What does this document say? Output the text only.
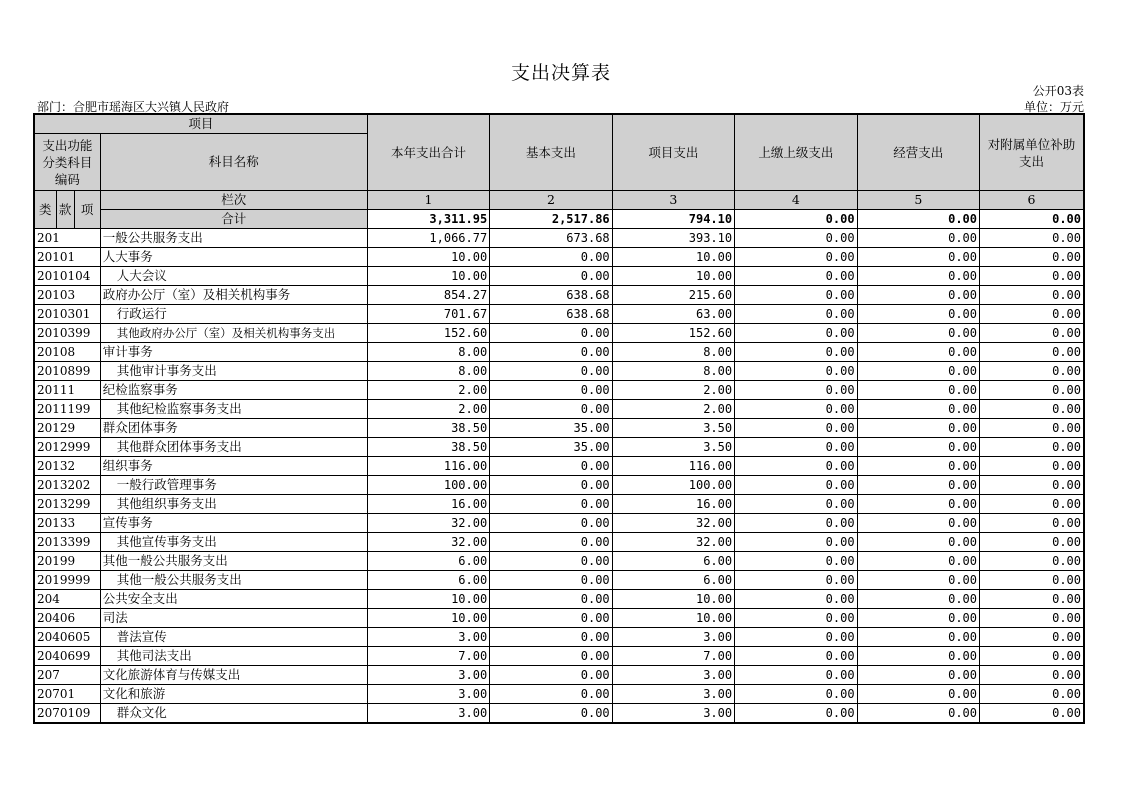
支出决算表
公开03表
部门：合肥市瑶海区大兴镇人民政府	单位：万元
项目				本年支出合计	基本支出	项目支出	上缴上级支出	经营支出	对附属单位补助支出
支出功能分类科目编码			科目名称						
类	款	项	栏次	1	2	3	4	5	6
			合计	3,311.95	2,517.86	794.10	0.00	0.00	0.00
201			一般公共服务支出	1,066.77	673.68	393.10	0.00	0.00	0.00
20101			人大事务	10.00	0.00	10.00	0.00	0.00	0.00
2010104			人大会议	10.00	0.00	10.00	0.00	0.00	0.00
20103			政府办公厅（室）及相关机构事务	854.27	638.68	215.60	0.00	0.00	0.00
2010301			行政运行	701.67	638.68	63.00	0.00	0.00	0.00
2010399			其他政府办公厅（室）及相关机构事务支出	152.60	0.00	152.60	0.00	0.00	0.00
20108			审计事务	8.00	0.00	8.00	0.00	0.00	0.00
2010899			其他审计事务支出	8.00	0.00	8.00	0.00	0.00	0.00
20111			纪检监察事务	2.00	0.00	2.00	0.00	0.00	0.00
2011199			其他纪检监察事务支出	2.00	0.00	2.00	0.00	0.00	0.00
20129			群众团体事务	38.50	35.00	3.50	0.00	0.00	0.00
2012999			其他群众团体事务支出	38.50	35.00	3.50	0.00	0.00	0.00
20132			组织事务	116.00	0.00	116.00	0.00	0.00	0.00
2013202			一般行政管理事务	100.00	0.00	100.00	0.00	0.00	0.00
2013299			其他组织事务支出	16.00	0.00	16.00	0.00	0.00	0.00
20133			宣传事务	32.00	0.00	32.00	0.00	0.00	0.00
2013399			其他宣传事务支出	32.00	0.00	32.00	0.00	0.00	0.00
20199			其他一般公共服务支出	6.00	0.00	6.00	0.00	0.00	0.00
2019999			其他一般公共服务支出	6.00	0.00	6.00	0.00	0.00	0.00
204			公共安全支出	10.00	0.00	10.00	0.00	0.00	0.00
20406			司法	10.00	0.00	10.00	0.00	0.00	0.00
2040605			普法宣传	3.00	0.00	3.00	0.00	0.00	0.00
2040699			其他司法支出	7.00	0.00	7.00	0.00	0.00	0.00
207			文化旅游体育与传媒支出	3.00	0.00	3.00	0.00	0.00	0.00
20701			文化和旅游	3.00	0.00	3.00	0.00	0.00	0.00
2070109			群众文化	3.00	0.00	3.00	0.00	0.00	0.00
